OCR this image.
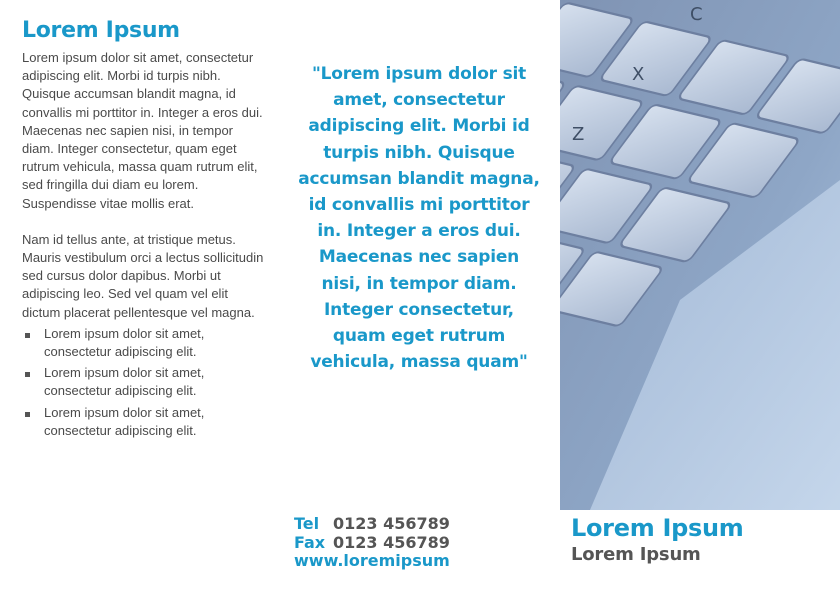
Lorem Ipsum

Lorem ipsum dolor sit amet, consectetur adipiscing elit. Morbi id turpis nibh. Quisque accumsan blandit magna, id convallis mi porttitor in. Integer a eros dui. Maecenas nec sapien nisi, in tempor diam. Integer consectetur, quam eget rutrum vehicula, massa quam rutrum elit, sed fringilla dui diam eu lorem. Suspendisse vitae mollis erat.

Nam id tellus ante, at tristique metus. Mauris vestibulum orci a lectus sollicitudin sed cursus dolor dapibus. Morbi ut adipiscing leo. Sed vel quam vel elit dictum placerat pellentesque vel magna.

Lorem ipsum dolor sit amet, consectetur adipiscing elit.
Lorem ipsum dolor sit amet, consectetur adipiscing elit.
Lorem ipsum dolor sit amet, consectetur adipiscing elit.
"Lorem ipsum dolor sit amet, consectetur adipiscing elit. Morbi id turpis nibh. Quisque accumsan blandit magna, id convallis mi porttitor in. Integer a eros dui. Maecenas nec sapien nisi, in tempor diam. Integer consectetur, quam eget rutrum vehicula, massa quam"
Tel 0123 456789
Fax 0123 456789
www.loremipsum
C
X
Z
Lorem Ipsum
Lorem Ipsum
